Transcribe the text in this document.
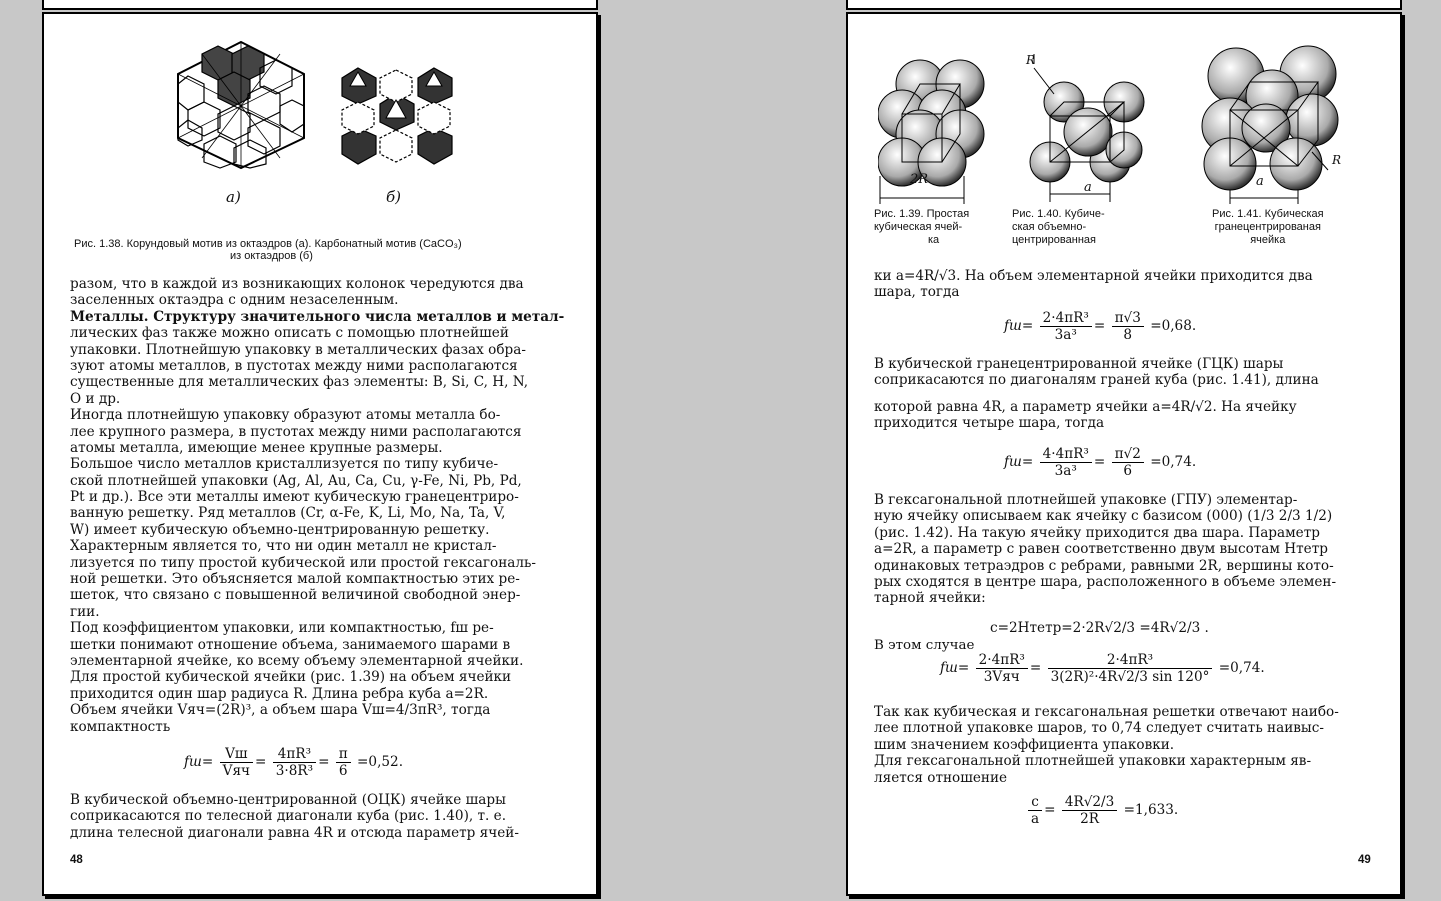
а)	б)
Рис. 1.38. Корундовый мотив из октаэдров (а). Карбонатный мотив (CaCO₃)
из октаэдров (б)
разом, что в каждой из возникающих колонок чередуются два
заселенных октаэдра с одним незаселенным.
Металлы. Структуру значительного числа металлов и метал-
лических фаз также можно описать с помощью плотнейшей
упаковки. Плотнейшую упаковку в металлических фазах обра-
зуют атомы металлов, в пустотах между ними располагаются
существенные для металлических фаз элементы: B, Si, C, H, N,
O и др.
Иногда плотнейшую упаковку образуют атомы металла бо-
лее крупного размера, в пустотах между ними располагаются
атомы металла, имеющие менее крупные размеры.
Большое число металлов кристаллизуется по типу кубиче-
ской плотнейшей упаковки (Ag, Al, Au, Ca, Cu, γ-Fe, Ni, Pb, Pd,
Pt и др.). Все эти металлы имеют кубическую гранецентриро-
ванную решетку. Ряд металлов (Cr, α-Fe, K, Li, Mo, Na, Ta, V,
W) имеет кубическую объемно-центрированную решетку.
Характерным является то, что ни один металл не кристал-
лизуется по типу простой кубической или простой гексагональ-
ной решетки. Это объясняется малой компактностью этих ре-
шеток, что связано с повышенной величиной свободной энер-
гии.
Под коэффициентом упаковки, или компактностью, fш ре-
шетки понимают отношение объема, занимаемого шарами в
элементарной ячейке, ко всему объему элементарной ячейки.
Для простой кубической ячейки (рис. 1.39) на объем ячейки
приходится один шар радиуса R. Длина ребра куба a=2R.
Объем ячейки Vяч=(2R)³, а объем шара Vш=4/3πR³, тогда
компактность
$fш= \frac{Vш}{\text{Vяч}} = \frac{\text{4πR³}}{\text{3·8R³}} = \frac{\pi}{6} =0,52$.
В кубической объемно-центрированной (ОЦК) ячейке шары
соприкасаются по телесной диагонали куба (рис. 1.40), т. е.
длина телесной диагонали равна 4R и отсюда параметр ячей-
48
2R
R
a
R
a
Рис. 1.39. Простая
кубическая ячей-
ка
Рис. 1.40. Кубиче-
ская объемно-
центрированная
Рис. 1.41. Кубическая
гранецентрированая
ячейка
ки a=4R/√3. На объем элементарной ячейки приходится два
шара, тогда
$fш= \frac{\text{2·4πR³}}{\text{3a³}} = \frac{\pi√3}{8} =0,68$.
В кубической гранецентрированной ячейке (ГЦК) шары
соприкасаются по диагоналям граней куба (рис. 1.41), длина
которой равна 4R, а параметр ячейки a=4R/√2. На ячейку
приходится четыре шара, тогда
$fш= \frac{\text{4·4πR³}}{\text{3a³}} = \frac{\pi√2}{6} =0,74$.
В гексагональной плотнейшей упаковке (ГПУ) элементар-
ную ячейку описываем как ячейку с базисом (000) (1/3 2/3 1/2)
(рис. 1.42). На такую ячейку приходится два шара. Параметр
a=2R, а параметр c равен соответственно двум высотам Hтетр
одинаковых тетраэдров с ребрами, равными 2R, вершины кото-
рых сходятся в центре шара, расположенного в объеме элемен-
тарной ячейки:
c=2Hтетр=2·2R√2/3 =4R√2/3 .
В этом случае
$fш= \frac{\text{2·4πR³}}{\text{3Vяч}} = \frac{\text{2·4πR³}}{\text{3(2R)²·4R√2/3 sin 120°}} =0,74$.
Так как кубическая и гексагональная решетки отвечают наибо-
лее плотной упаковке шаров, то 0,74 следует считать наивыс-
шим значением коэффициента упаковки.
Для гексагональной плотнейшей упаковки характерным яв-
ляется отношение
$\frac{c}{a} = \frac{4R√2/3}{2R} =1,633$.
49
